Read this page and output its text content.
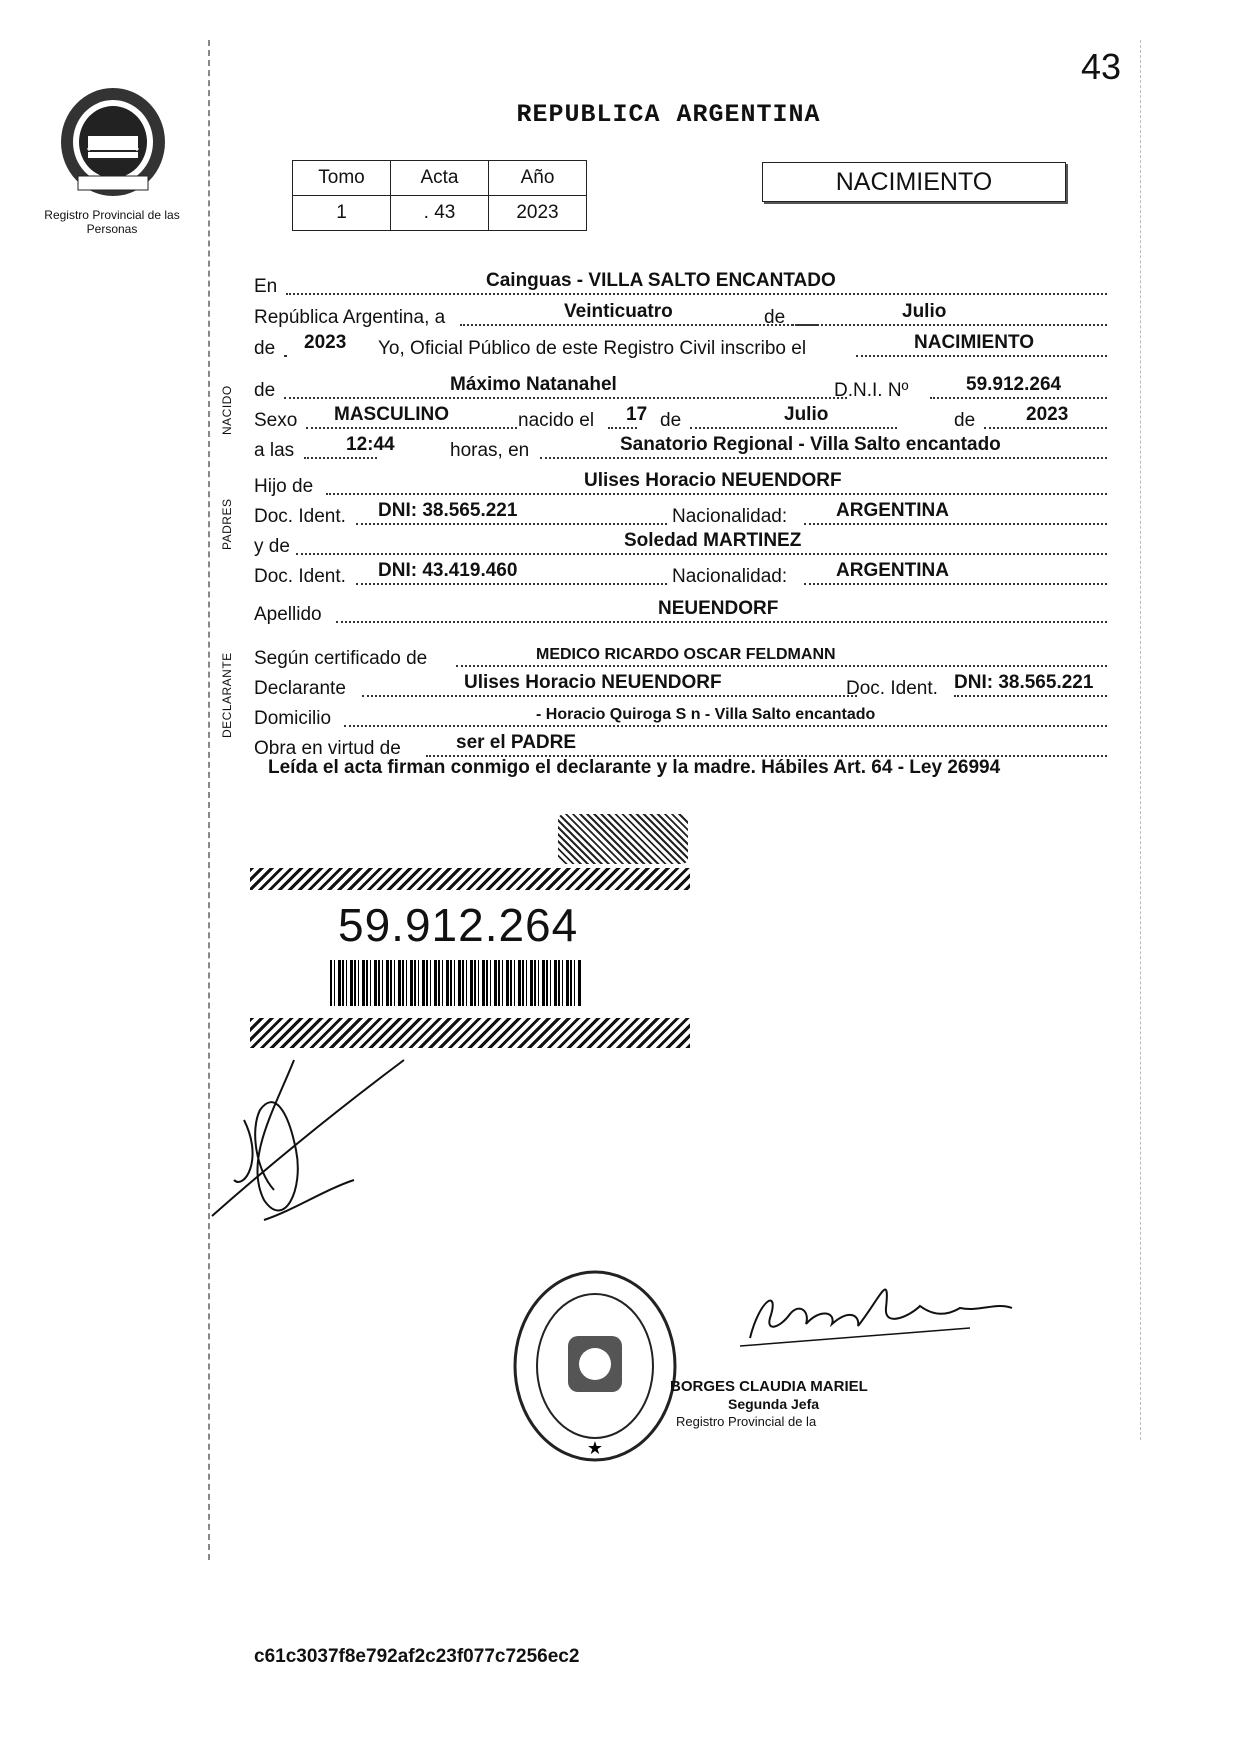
43
Registro Provincial de las Personas
REPUBLICA ARGENTINA
Tomo	Acta	Año
1	. 43	2023
NACIMIENTO
En	Cainguas - VILLA SALTO ENCANTADO
República Argentina, a	Veinticuatro	de	Julio
de 2023 Yo, Oficial Público de este Registro Civil inscribo el	NACIMIENTO
de	Máximo Natanahel	D.N.I. Nº	59.912.264
Sexo MASCULINO	nacido el 17 de	Julio	de	2023
a las	12:44	horas, en	Sanatorio Regional - Villa Salto encantado
Hijo de	Ulises Horacio NEUENDORF
Doc. Ident. DNI: 38.565.221	Nacionalidad:	ARGENTINA
y de	Soledad MARTINEZ
Doc. Ident. DNI: 43.419.460	Nacionalidad:	ARGENTINA
Apellido	NEUENDORF
Según certificado de	MEDICO RICARDO OSCAR FELDMANN
Declarante	Ulises Horacio NEUENDORF	Doc. Ident. DNI: 38.565.221
Domicilio	- Horacio Quiroga S n - Villa Salto encantado
Obra en virtud de	ser el PADRE
NACIDO
PADRES
DECLARANTE
Leída el acta firman conmigo el declarante y la madre. Hábiles Art. 64 - Ley 26994
59.912.264
★
BORGES CLAUDIA MARIEL
Segunda Jefa
Registro Provincial de la
c61c3037f8e792af2c23f077c7256ec2
